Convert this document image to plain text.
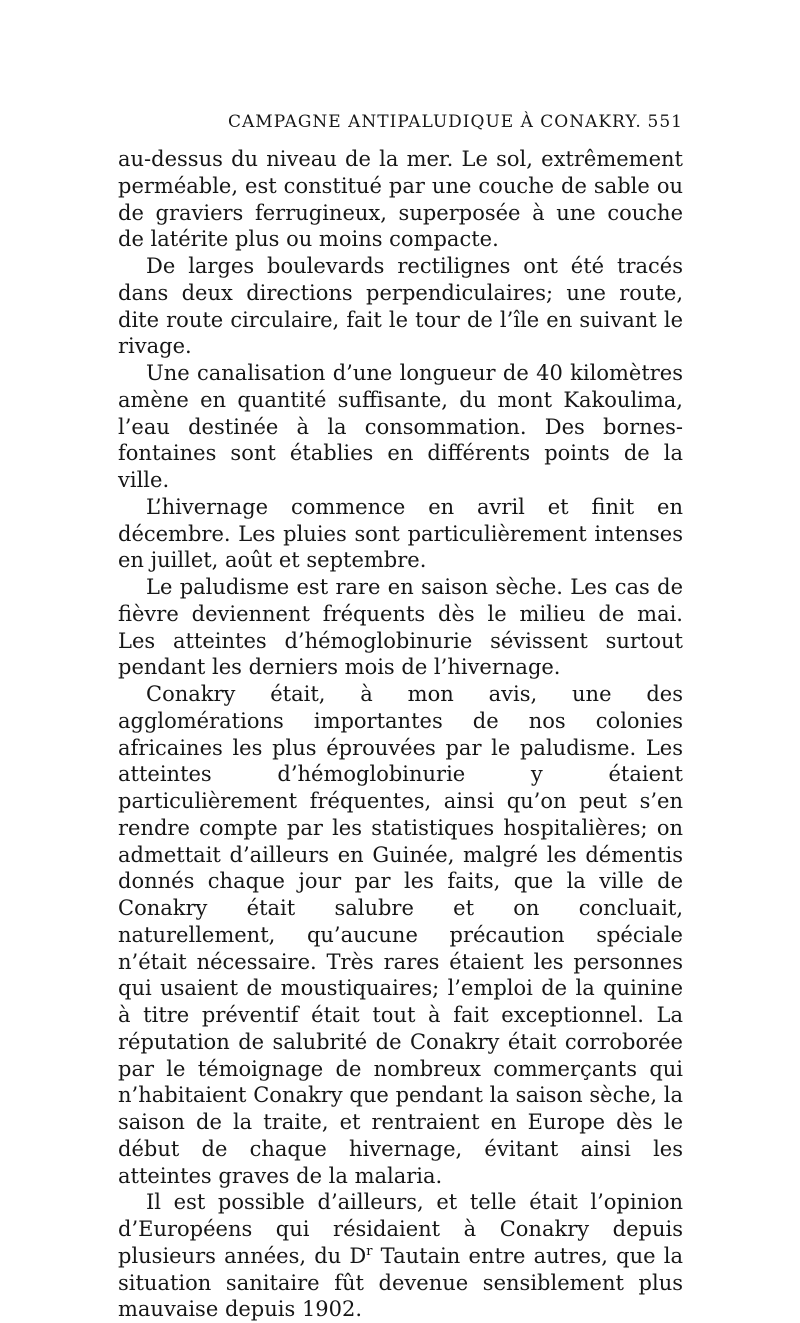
CAMPAGNE ANTIPALUDIQUE À CONAKRY. 551

au-dessus du niveau de la mer. Le sol, extrêmement perméable, est constitué par une couche de sable ou de graviers ferrugineux, superposée à une couche de latérite plus ou moins compacte.

De larges boulevards rectilignes ont été tracés dans deux directions perpendiculaires; une route, dite route circulaire, fait le tour de l’île en suivant le rivage.

Une canalisation d’une longueur de 40 kilomètres amène en quantité suffisante, du mont Kakoulima, l’eau destinée à la consommation. Des bornes-fontaines sont établies en différents points de la ville.

L’hivernage commence en avril et finit en décembre. Les pluies sont particulièrement intenses en juillet, août et septembre.

Le paludisme est rare en saison sèche. Les cas de fièvre deviennent fréquents dès le milieu de mai. Les atteintes d’hémoglobinurie sévissent surtout pendant les derniers mois de l’hivernage.

Conakry était, à mon avis, une des agglomérations importantes de nos colonies africaines les plus éprouvées par le paludisme. Les atteintes d’hémoglobinurie y étaient particulièrement fréquentes, ainsi qu’on peut s’en rendre compte par les statistiques hospitalières; on admettait d’ailleurs en Guinée, malgré les démentis donnés chaque jour par les faits, que la ville de Conakry était salubre et on concluait, naturellement, qu’aucune précaution spéciale n’était nécessaire. Très rares étaient les personnes qui usaient de moustiquaires; l’emploi de la quinine à titre préventif était tout à fait exceptionnel. La réputation de salubrité de Conakry était corroborée par le témoignage de nombreux commerçants qui n’habitaient Conakry que pendant la saison sèche, la saison de la traite, et rentraient en Europe dès le début de chaque hivernage, évitant ainsi les atteintes graves de la malaria.

Il est possible d’ailleurs, et telle était l’opinion d’Européens qui résidaient à Conakry depuis plusieurs années, du $D^r$ Tautain entre autres, que la situation sanitaire fût devenue sensiblement plus mauvaise depuis 1902.
